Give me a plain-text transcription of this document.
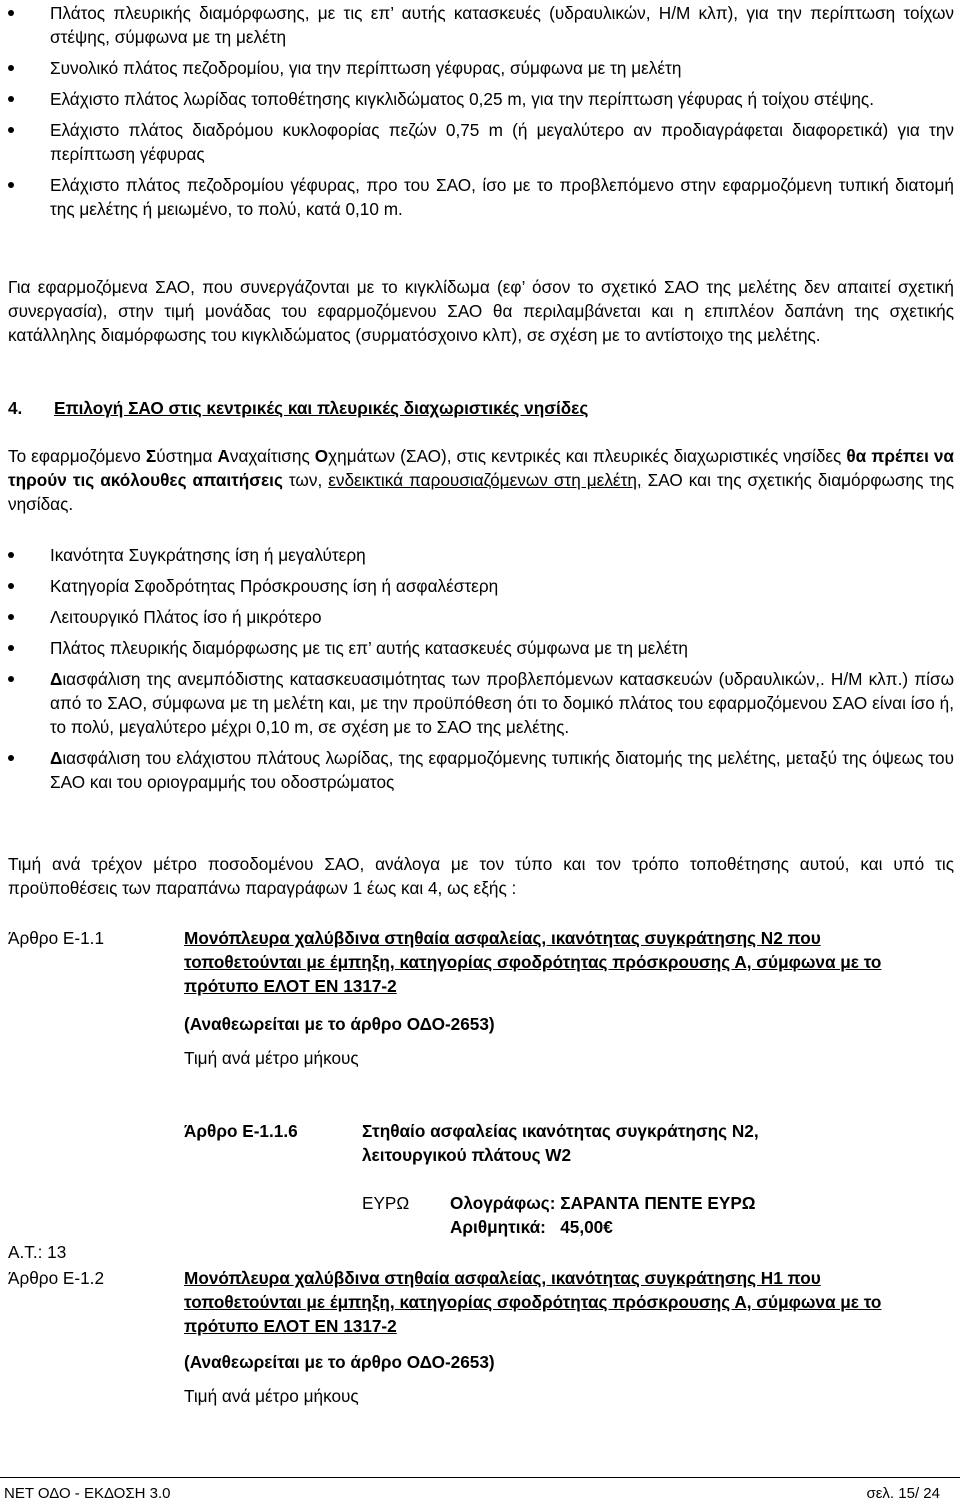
Πλάτος πλευρικής διαμόρφωσης, με τις επ’ αυτής κατασκευές (υδραυλικών, Η/Μ κλπ), για την περίπτωση τοίχων στέψης, σύμφωνα με τη μελέτη
Συνολικό πλάτος πεζοδρομίου, για την περίπτωση γέφυρας, σύμφωνα με τη μελέτη
Ελάχιστο πλάτος λωρίδας τοποθέτησης κιγκλιδώματος 0,25 m, για την περίπτωση γέφυρας ή τοίχου στέψης.
Ελάχιστο πλάτος διαδρόμου κυκλοφορίας πεζών 0,75 m (ή μεγαλύτερο αν προδιαγράφεται διαφορετικά) για την περίπτωση γέφυρας
Ελάχιστο πλάτος πεζοδρομίου γέφυρας, προ του ΣΑΟ, ίσο με το προβλεπόμενο στην εφαρμοζόμενη τυπική διατομή της μελέτης ή μειωμένο, το πολύ, κατά 0,10 m.

Για εφαρμοζόμενα ΣΑΟ, που συνεργάζονται με το κιγκλίδωμα (εφ’ όσον το σχετικό ΣΑΟ της μελέτης δεν απαιτεί σχετική συνεργασία), στην τιμή μονάδας του εφαρμοζόμενου ΣΑΟ θα περιλαμβάνεται και η επιπλέον δαπάνη της σχετικής κατάλληλης διαμόρφωσης του κιγκλιδώματος (συρματόσχοινο κλπ), σε σχέση με το αντίστοιχο της μελέτης.

4. Επιλογή ΣΑΟ στις κεντρικές και πλευρικές διαχωριστικές νησίδες

Το εφαρμοζόμενο Σύστημα Αναχαίτισης Οχημάτων (ΣΑΟ), στις κεντρικές και πλευρικές διαχωριστικές νησίδες θα πρέπει να τηρούν τις ακόλουθες απαιτήσεις των, ενδεικτικά παρουσιαζόμενων στη μελέτη, ΣΑΟ και της σχετικής διαμόρφωσης της νησίδας.

Ικανότητα Συγκράτησης ίση ή μεγαλύτερη
Κατηγορία Σφοδρότητας Πρόσκρουσης ίση ή ασφαλέστερη
Λειτουργικό Πλάτος ίσο ή μικρότερο
Πλάτος πλευρικής διαμόρφωσης με τις επ’ αυτής κατασκευές σύμφωνα με τη μελέτη
Διασφάλιση της ανεμπόδιστης κατασκευασιμότητας των προβλεπόμενων κατασκευών (υδραυλικών,. Η/Μ κλπ.) πίσω από το ΣΑΟ, σύμφωνα με τη μελέτη και, με την προϋπόθεση ότι το δομικό πλάτος του εφαρμοζόμενου ΣΑΟ είναι ίσο ή, το πολύ, μεγαλύτερο μέχρι 0,10 m, σε σχέση με το ΣΑΟ της μελέτης.
Διασφάλιση του ελάχιστου πλάτους λωρίδας, της εφαρμοζόμενης τυπικής διατομής της μελέτης, μεταξύ της όψεως του ΣΑΟ και του οριογραμμής του οδοστρώματος

Τιμή ανά τρέχον μέτρο ποσοδομένου ΣΑΟ, ανάλογα με τον τύπο και τον τρόπο τοποθέτησης αυτού, και υπό τις προϋποθέσεις των παραπάνω παραγράφων 1 έως και 4, ως εξής :

Άρθρο Ε-1.1	Μονόπλευρα χαλύβδινα στηθαία ασφαλείας, ικανότητας συγκράτησης Ν2 που τοποθετούνται με έμπηξη, κατηγορίας σφοδρότητας πρόσκρουσης Α, σύμφωνα με το πρότυπο ΕΛΟΤ ΕΝ 1317-2
(Αναθεωρείται με το άρθρο ΟΔΟ-2653)
Τιμή ανά μέτρο μήκους
Άρθρο Ε-1.1.6	Στηθαίο ασφαλείας ικανότητας συγκράτησης Ν2,
λειτουργικού πλάτους W2
ΕΥΡΩ Ολογράφως: ΣΑΡΑΝΤΑ ΠΕΝΤΕ ΕΥΡΩ
Αριθμητικά: 45,00€
Α.Τ.: 13
Άρθρο Ε-1.2	Μονόπλευρα χαλύβδινα στηθαία ασφαλείας, ικανότητας συγκράτησης Η1 που τοποθετούνται με έμπηξη, κατηγορίας σφοδρότητας πρόσκρουσης Α, σύμφωνα με το πρότυπο ΕΛΟΤ ΕΝ 1317-2
(Αναθεωρείται με το άρθρο ΟΔΟ-2653)
Τιμή ανά μέτρο μήκους
ΝΕΤ ΟΔΟ - ΕΚΔΟΣΗ 3.0	σελ. 15/ 24
